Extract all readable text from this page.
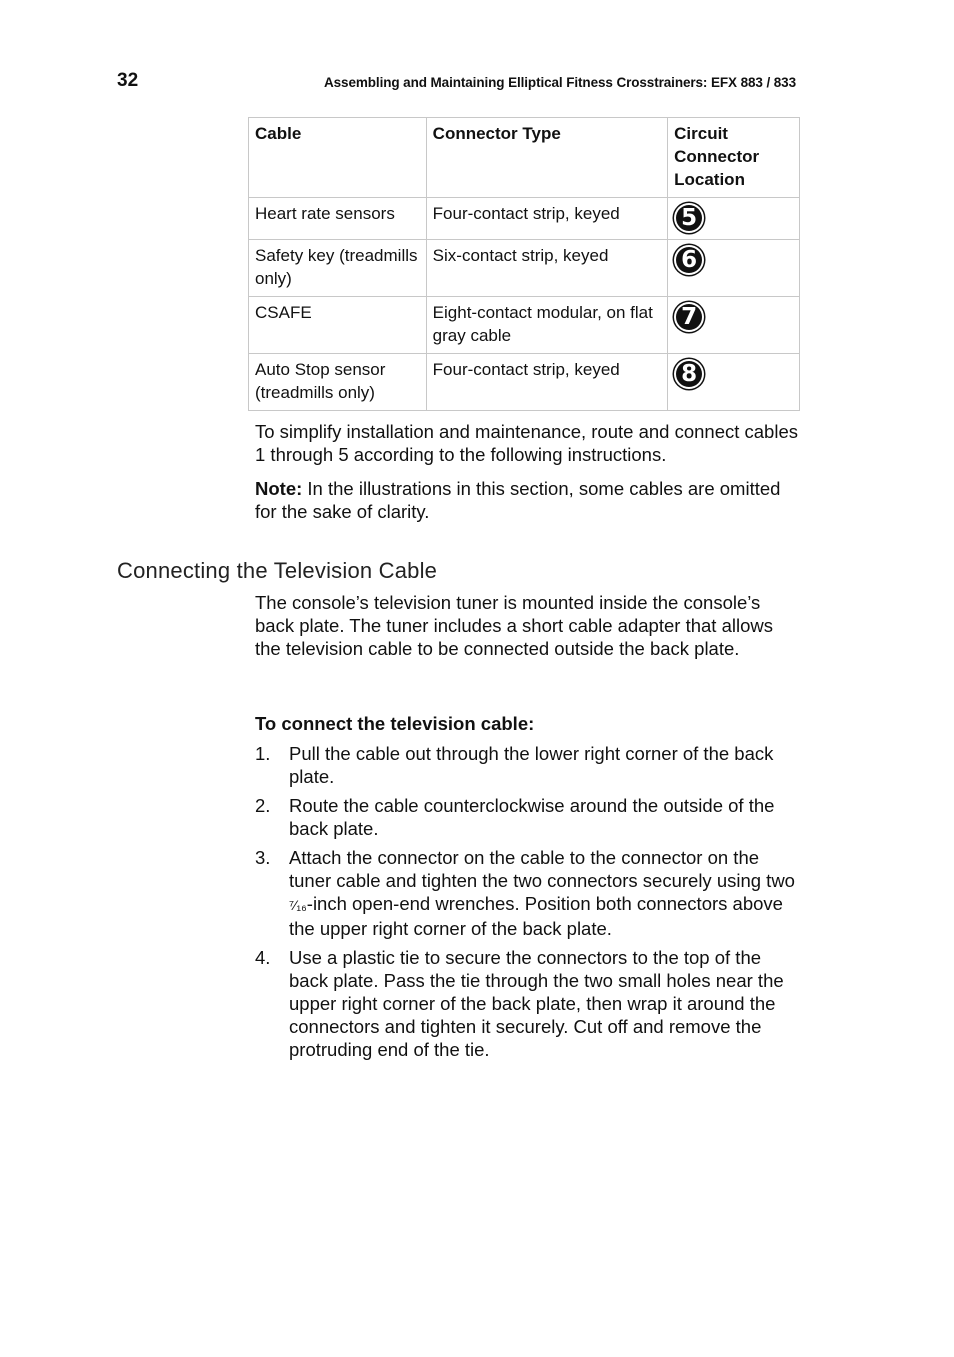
32	Assembling and Maintaining Elliptical Fitness Crosstrainers: EFX 883 / 833
Cable	Connector Type	Circuit Connector Location
Heart rate sensors	Four-contact strip, keyed	5
Safety key (treadmills only)	Six-contact strip, keyed	6
CSAFE	Eight-contact modular, on flat gray cable	7
Auto Stop sensor (treadmills only)	Four-contact strip, keyed	8

To simplify installation and maintenance, route and connect cables 1 through 5 according to the following instructions.

Note: In the illustrations in this section, some cables are omitted for the sake of clarity.

Connecting the Television Cable

The console’s television tuner is mounted inside the console’s back plate. The tuner includes a short cable adapter that allows the television cable to be connected outside the back plate.

To connect the television cable:
1. Pull the cable out through the lower right corner of the back plate.
2. Route the cable counterclockwise around the outside of the back plate.
3. Attach the connector on the cable to the connector on the tuner cable and tighten the two connectors securely using two ⁷⁄₁₆-inch open-end wrenches. Position both connectors above the upper right corner of the back plate.
4. Use a plastic tie to secure the connectors to the top of the back plate. Pass the tie through the two small holes near the upper right corner of the back plate, then wrap it around the connectors and tighten it securely. Cut off and remove the protruding end of the tie.
